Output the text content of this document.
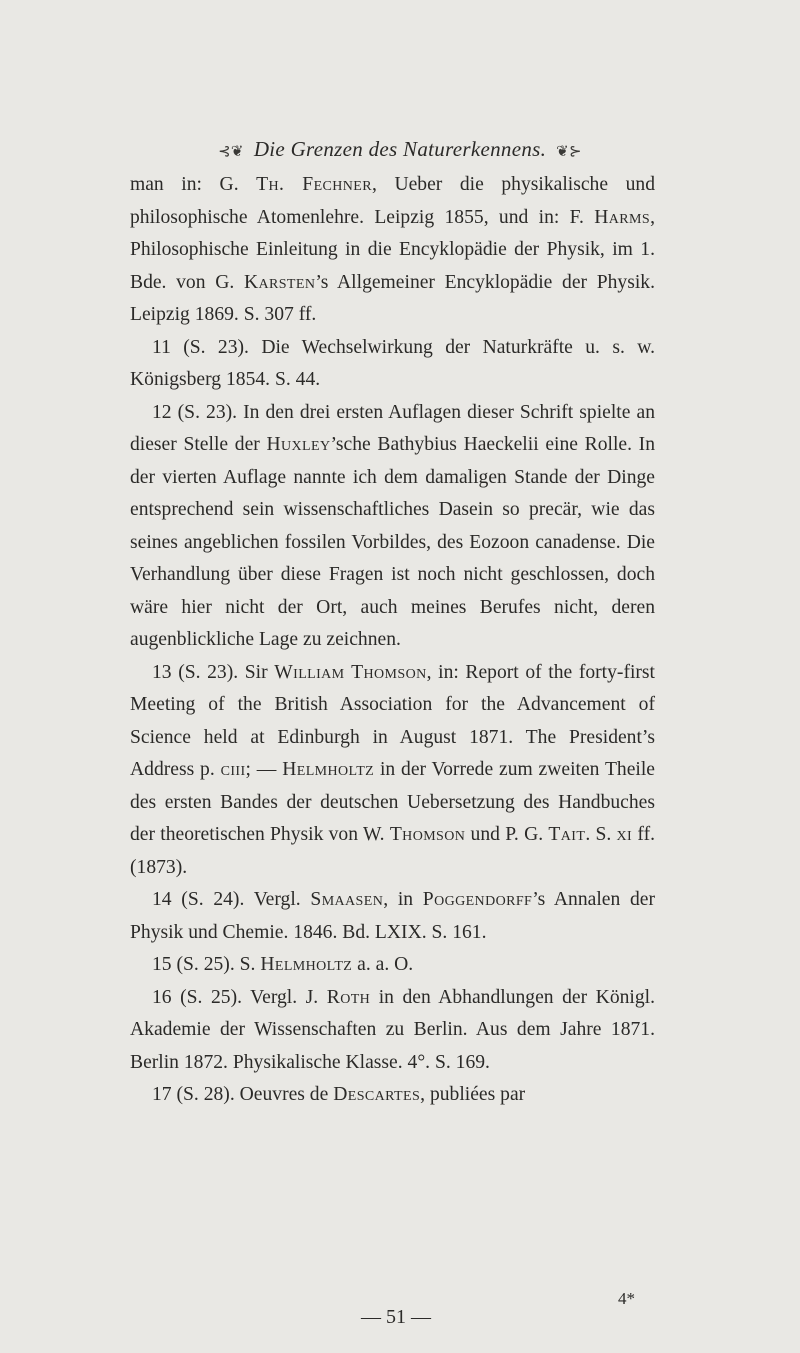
⊰❦ Die Grenzen des Naturerkennens. ❦⊱

man in: G. Th. Fechner, Ueber die physikalische und philosophische Atomenlehre. Leipzig 1855, und in: F. Harms, Philosophische Einleitung in die Encyklopädie der Physik, im 1. Bde. von G. Karsten’s Allgemeiner Encyklopädie der Physik. Leipzig 1869. S. 307 ff.

11 (S. 23). Die Wechselwirkung der Naturkräfte u. s. w. Königsberg 1854. S. 44.

12 (S. 23). In den drei ersten Auflagen dieser Schrift spielte an dieser Stelle der Huxley’sche Bathybius Haeckelii eine Rolle. In der vierten Auflage nannte ich dem damaligen Stande der Dinge entsprechend sein wissenschaftliches Dasein so precär, wie das seines angeblichen fossilen Vorbildes, des Eozoon canadense. Die Verhandlung über diese Fragen ist noch nicht geschlossen, doch wäre hier nicht der Ort, auch meines Berufes nicht, deren augenblickliche Lage zu zeichnen.

13 (S. 23). Sir William Thomson, in: Report of the forty-first Meeting of the British Association for the Advancement of Science held at Edinburgh in August 1871. The President’s Address p. ciii; — Helmholtz in der Vorrede zum zweiten Theile des ersten Bandes der deutschen Uebersetzung des Handbuches der theoretischen Physik von W. Thomson und P. G. Tait. S. xi ff. (1873).

14 (S. 24). Vergl. Smaasen, in Poggendorff’s Annalen der Physik und Chemie. 1846. Bd. LXIX. S. 161.

15 (S. 25). S. Helmholtz a. a. O.

16 (S. 25). Vergl. J. Roth in den Abhandlungen der Königl. Akademie der Wissenschaften zu Berlin. Aus dem Jahre 1871. Berlin 1872. Physikalische Klasse. 4°. S. 169.

17 (S. 28). Oeuvres de Descartes, publiées par

— 51 —
4*
